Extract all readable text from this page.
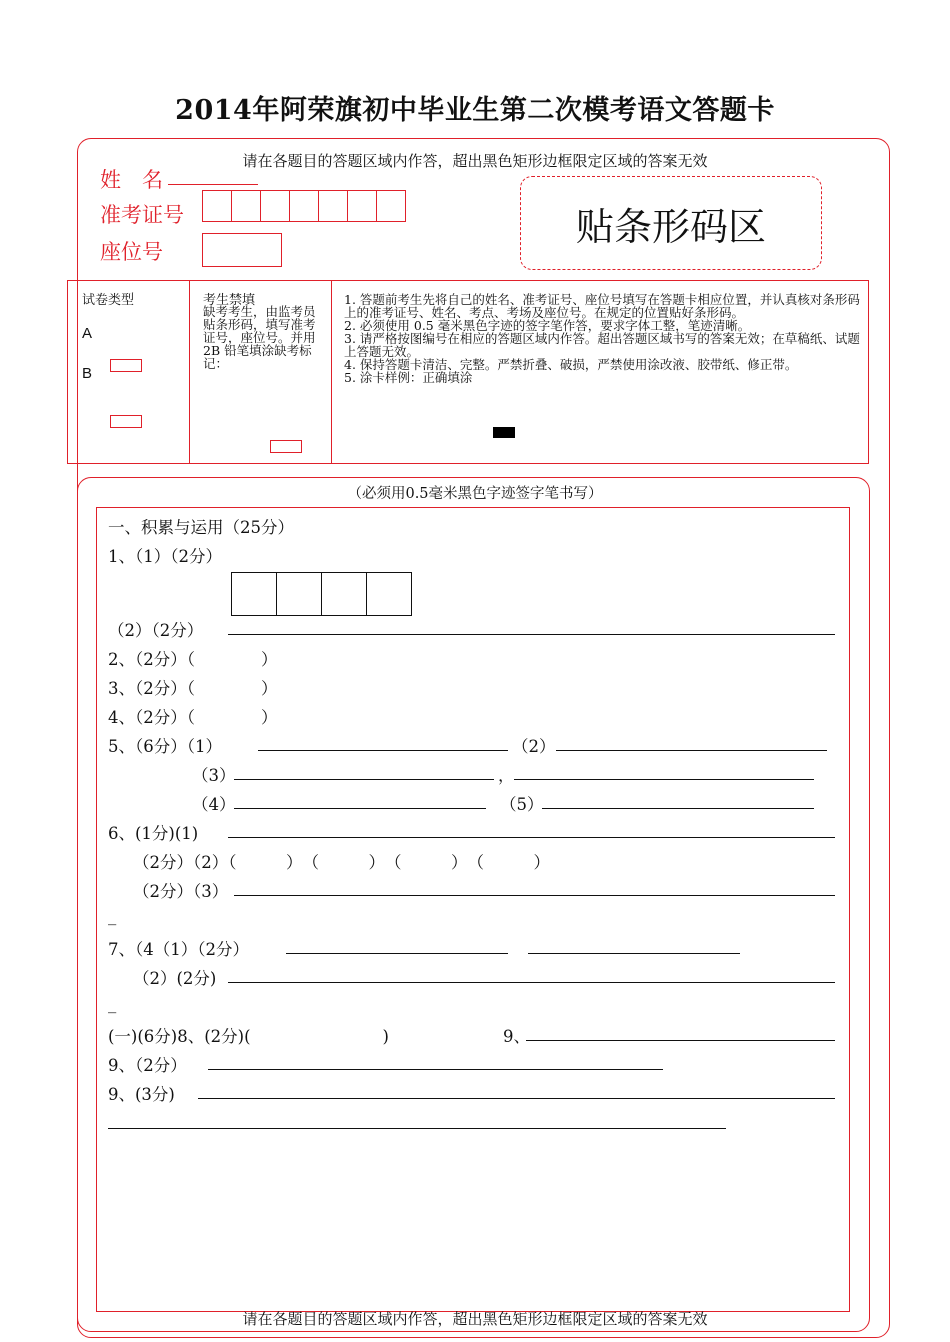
2014年阿荣旗初中毕业生第二次模考语文答题卡
请在各题目的答题区域内作答，超出黑色矩形边框限定区域的答案无效
姓　名
准考证号
座位号
贴条形码区
试卷类型
A
B
考生禁填
缺考考生，由监考员贴条形码，填写准考证号，座位号。并用 2B 铅笔填涂缺考标记：
1. 答题前考生先将自己的姓名、准考证号、座位号填写在答题卡相应位置，并认真核对条形码上的准考证号、姓名、考点、考场及座位号。在规定的位置贴好条形码。
2. 必须使用 0.5 毫米黑色字迹的签字笔作答，要求字体工整，笔迹清晰。
3. 请严格按图编号在相应的答题区域内作答。超出答题区域书写的答案无效；在草稿纸、试题上答题无效。
4. 保持答题卡清洁、完整。严禁折叠、破损，严禁使用涂改液、胶带纸、修正带。
5. 涂卡样例：正确填涂
（必须用0.5毫米黑色字迹签字笔书写）
一、积累与运用（25分）
1、（1）（2分）
（2）（2分）
2、（2分）（　　　　）
3、（2分）（　　　　）
4、（2分）（　　　　）
5、（6分）（1）	（2）
（3）	，
（4）	（5）
6、(1分)(1)
（2分）（2）（　　　）　（　　　）　（　　　）　（　　　）
（2分）（3）
_
7、（4（1）（2分）
（2）(2分)
_
(一)(6分)8、(2分)(　　　　　　　　)	9、
9、（2分）
9、(3分)
请在各题目的答题区域内作答，超出黑色矩形边框限定区域的答案无效
